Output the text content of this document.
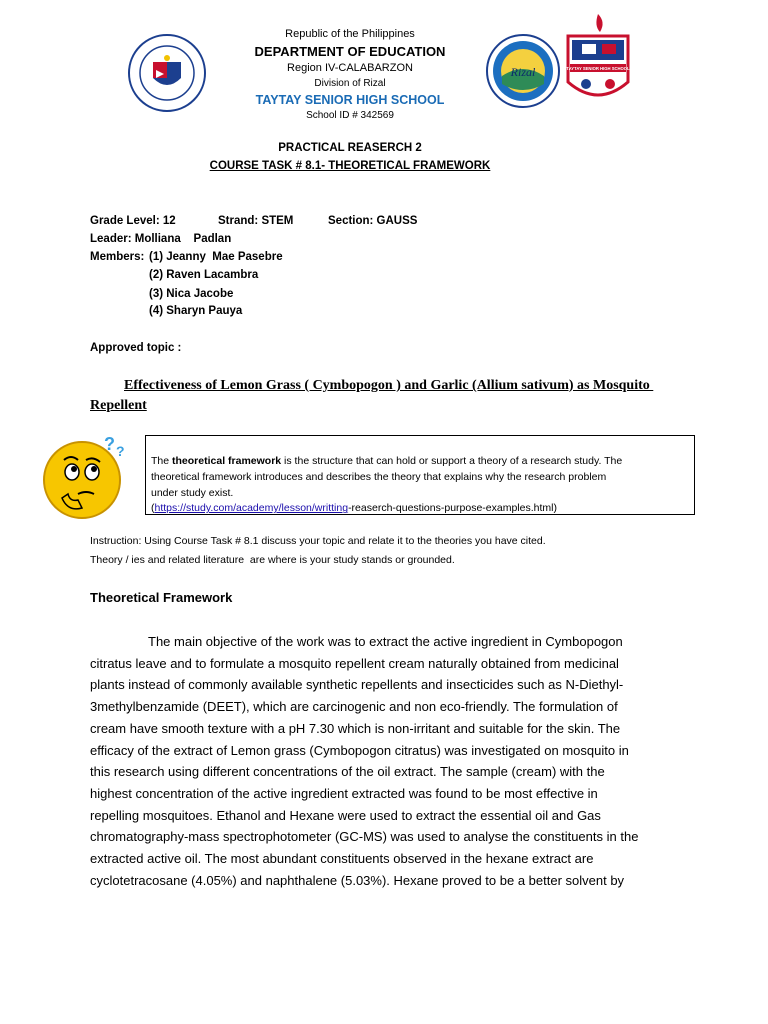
Rizal	TAYTAY SENIOR HIGH SCHOOL
Republic of the Philippines
DEPARTMENT OF EDUCATION
Region IV-CALABARZON
Division of Rizal
TAYTAY SENIOR HIGH SCHOOL
School ID # 342569
PRACTICAL REASERCH 2
COURSE TASK # 8.1- THEORETICAL FRAMEWORK
Grade Level: 12	Strand: STEM	Section: GAUSS
Leader: Molliana    Padlan
Members: (1) Jeanny  Mae Pasebre
(2) Raven Lacambra
(3) Nica Jacobe
(4) Sharyn Pauya
Approved topic :
Effectiveness of Lemon Grass ( Cymbopogon ) and Garlic (Allium sativum) as Mosquito
Repellent
? ?
The theoretical framework is the structure that can hold or support a theory of a research study. The
theoretical framework introduces and describes the theory that explains why the research problem
under study exist.
(https://study.com/academy/lesson/writting-reaserch-questions-purpose-examples.html)
Instruction: Using Course Task # 8.1 discuss your topic and relate it to the theories you have cited.
Theory / ies and related literature  are where is your study stands or grounded.
Theoretical Framework
The main objective of the work was to extract the active ingredient in Cymbopogon
citratus leave and to formulate a mosquito repellent cream naturally obtained from medicinal
plants instead of commonly available synthetic repellents and insecticides such as N-Diethyl-
3methylbenzamide (DEET), which are carcinogenic and non eco-friendly. The formulation of
cream have smooth texture with a pH 7.30 which is non-irritant and suitable for the skin. The
efficacy of the extract of Lemon grass (Cymbopogon citratus) was investigated on mosquito in
this research using different concentrations of the oil extract. The sample (cream) with the
highest concentration of the active ingredient extracted was found to be most effective in
repelling mosquitoes. Ethanol and Hexane were used to extract the essential oil and Gas
chromatography-mass spectrophotometer (GC-MS) was used to analyse the constituents in the
extracted active oil. The most abundant constituents observed in the hexane extract are
cyclotetracosane (4.05%) and naphthalene (5.03%). Hexane proved to be a better solvent by
